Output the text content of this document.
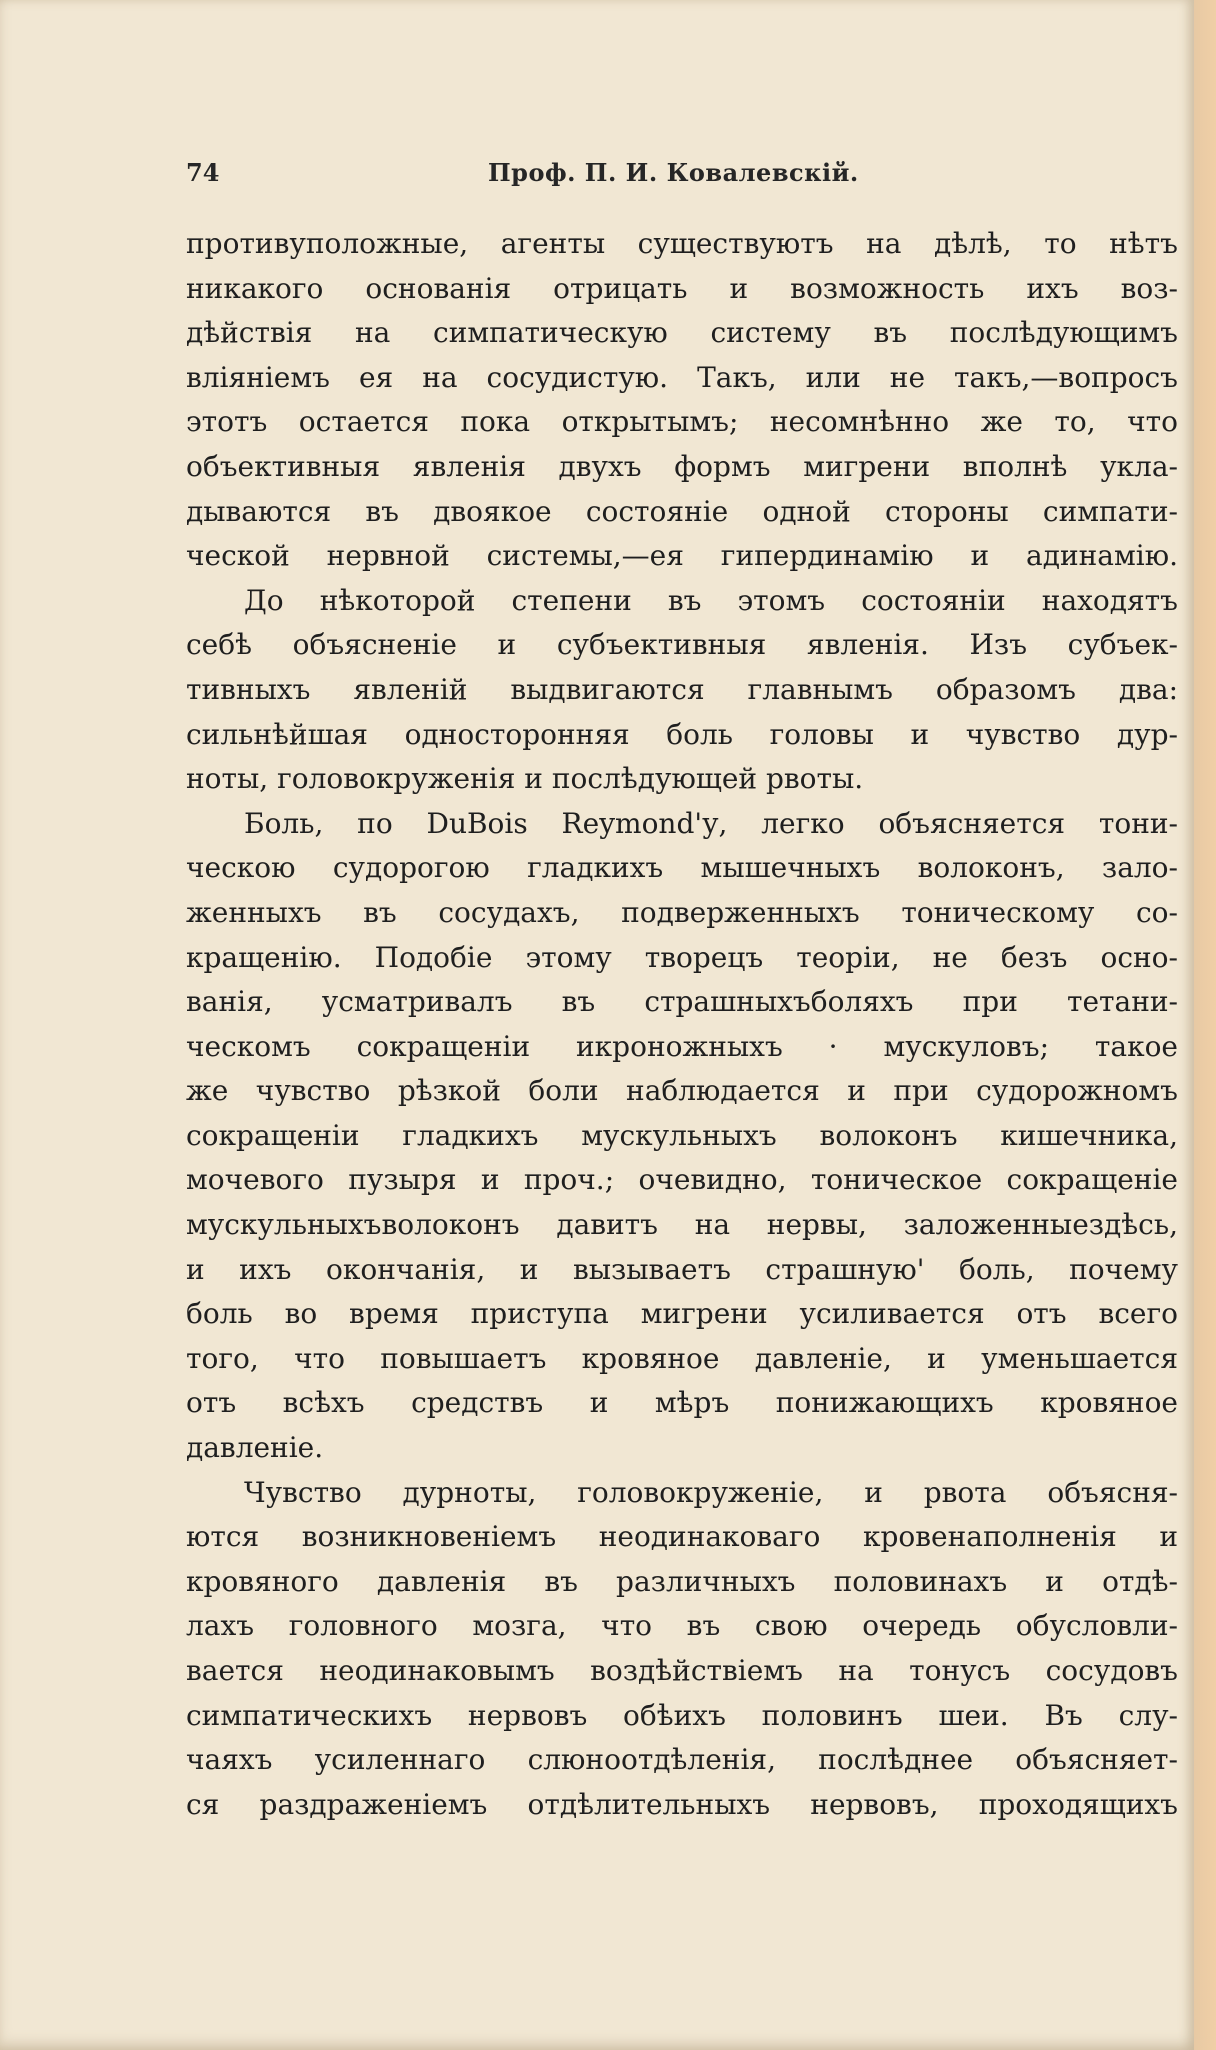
74	Проф. П. И. Ковалевскій.
противуположные, агенты существуютъ на дѣлѣ, то нѣтъ
никакого основанія отрицать и возможность ихъ воз-
дѣйствія на симпатическую систему въ послѣдующимъ
вліяніемъ ея на сосудистую. Такъ, или не такъ,—вопросъ
этотъ остается пока открытымъ; несомнѣнно же то, что
объективныя явленія двухъ формъ мигрени вполнѣ укла-
дываются въ двоякое состояніе одной стороны симпати-
ческой нервной системы,—ея гипердинамію и адинамію.
До нѣкоторой степени въ этомъ состояніи находятъ
себѣ объясненіе и субъективныя явленія. Изъ субъек-
тивныхъ явленій выдвигаются главнымъ образомъ два:
сильнѣйшая односторонняя боль головы и чувство дур-
ноты, головокруженія и послѣдующей рвоты.
Боль, по DuBois Reymond'у, легко объясняется тони-
ческою судорогою гладкихъ мышечныхъ волоконъ, зало-
женныхъ въ сосудахъ, подверженныхъ тоническому со-
кращенію. Подобіе этому творецъ теоріи, не безъ осно-
ванія, усматривалъ въ страшныхъболяхъ при тетани-
ческомъ сокращеніи икроножныхъ · мускуловъ; такое
же чувство рѣзкой боли наблюдается и при судорожномъ
сокращеніи гладкихъ мускульныхъ волоконъ кишечника,
мочевого пузыря и проч.; очевидно, тоническое сокращеніе
мускульныхъволоконъ давитъ на нервы, заложенныездѣсь,
и ихъ окончанія, и вызываетъ страшную' боль, почему
боль во время приступа мигрени усиливается отъ всего
того, что повышаетъ кровяное давленіе, и уменьшается
отъ всѣхъ средствъ и мѣръ понижающихъ кровяное
давленіе.
Чувство дурноты, головокруженіе, и рвота объясня-
ются возникновеніемъ неодинаковаго кровенаполненія и
кровяного давленія въ различныхъ половинахъ и отдѣ-
лахъ головного мозга, что въ свою очередь обусловли-
вается неодинаковымъ воздѣйствіемъ на тонусъ сосудовъ
симпатическихъ нервовъ обѣихъ половинъ шеи. Въ слу-
чаяхъ усиленнаго слюноотдѣленія, послѣднее объясняет-
ся раздраженіемъ отдѣлительныхъ нервовъ, проходящихъ
